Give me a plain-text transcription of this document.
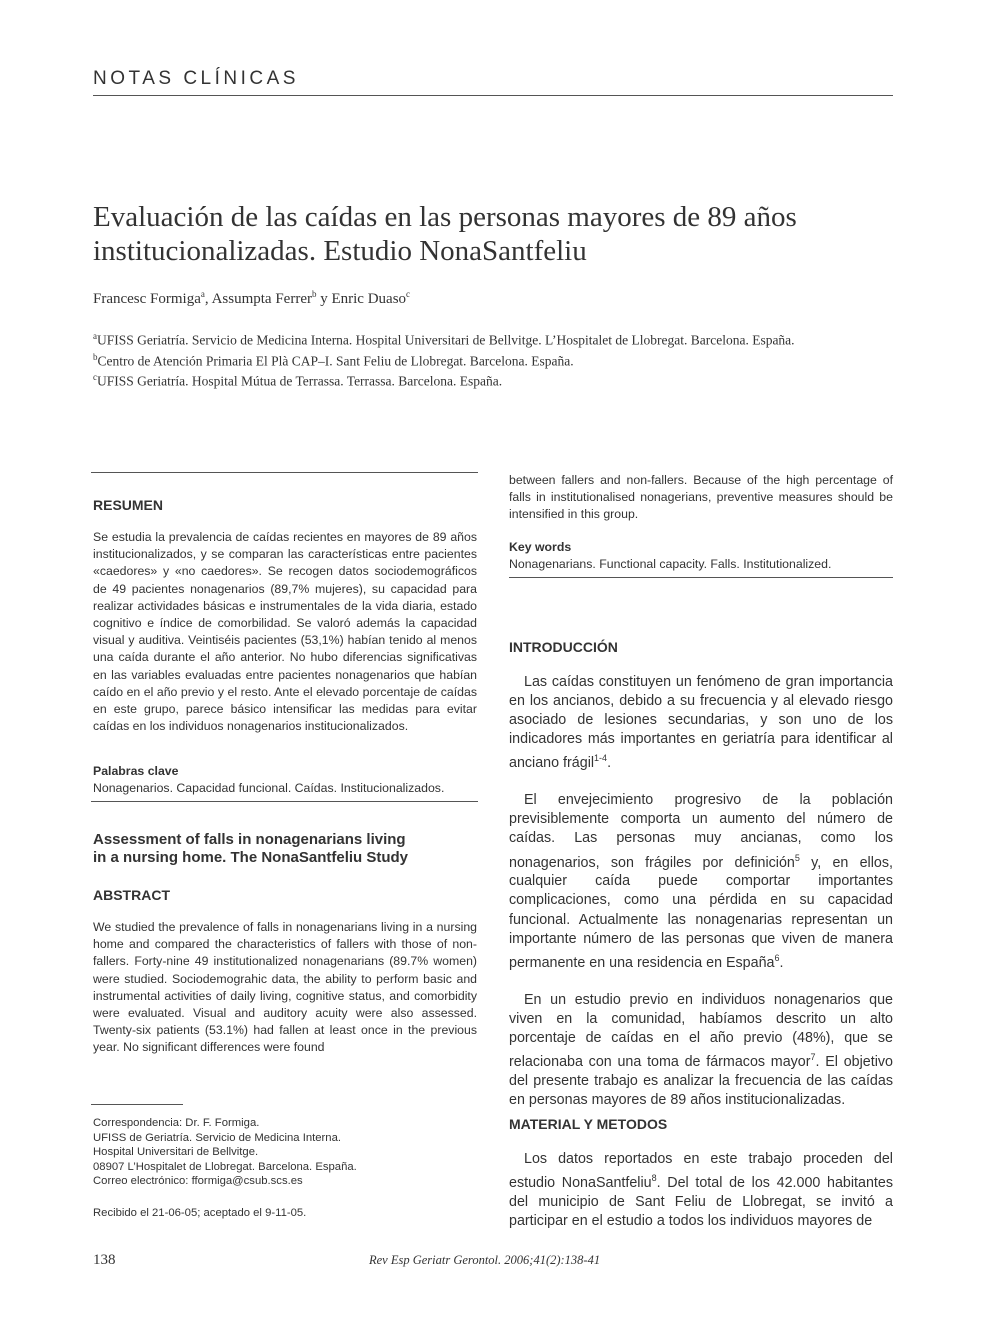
NOTAS CLÍNICAS
Evaluación de las caídas en las personas mayores de 89 años
institucionalizadas. Estudio NonaSantfeliu
Francesc Formiga$^a$, Assumpta Ferrer$^b$ y Enric Duaso$^c$
$^a$UFISS Geriatría. Servicio de Medicina Interna. Hospital Universitari de Bellvitge. L’Hospitalet de Llobregat. Barcelona. España.
$^b$Centro de Atención Primaria El Plà CAP–I. Sant Feliu de Llobregat. Barcelona. España.
$^c$UFISS Geriatría. Hospital Mútua de Terrassa. Terrassa. Barcelona. España.
RESUMEN
Se estudia la prevalencia de caídas recientes en mayores de 89 años institucionalizados, y se comparan las características entre pacientes «caedores» y «no caedores». Se recogen datos sociodemográficos de 49 pacientes nonagenarios (89,7% mujeres), su capacidad para realizar actividades básicas e instrumentales de la vida diaria, estado cognitivo e índice de comorbilidad. Se valoró además la capacidad visual y auditiva. Veintiséis pacientes (53,1%) habían tenido al menos una caída durante el año anterior. No hubo diferencias significativas en las variables evaluadas entre pacientes nonagenarios que habían caído en el año previo y el resto. Ante el elevado porcentaje de caídas en este grupo, parece básico intensificar las medidas para evitar caídas en los individuos nonagenarios institucionalizados.
Palabras clave
Nonagenarios. Capacidad funcional. Caídas. Institucionalizados.
Assessment of falls in nonagenarians living
in a nursing home. The NonaSantfeliu Study
ABSTRACT
We studied the prevalence of falls in nonagenarians living in a nursing home and compared the characteristics of fallers with those of non-fallers. Forty-nine 49 institutionalized nonagenarians (89.7% women) were studied. Sociodemograhic data, the ability to perform basic and instrumental activities of daily living, cognitive status, and comorbidity were evaluated. Visual and auditory acuity were also assessed. Twenty-six patients (53.1%) had fallen at least once in the previous year. No significant differences were found
Correspondencia: Dr. F. Formiga.
UFISS de Geriatría. Servicio de Medicina Interna.
Hospital Universitari de Bellvitge.
08907 L’Hospitalet de Llobregat. Barcelona. España.
Correo electrónico: fformiga@csub.scs.es
Recibido el 21-06-05; aceptado el 9-11-05.
between fallers and non-fallers. Because of the high percentage of falls in institutionalised nonagerians, preventive measures should be intensified in this group.
Key words
Nonagenarians. Functional capacity. Falls. Institutionalized.
INTRODUCCIÓN

Las caídas constituyen un fenómeno de gran importancia en los ancianos, debido a su frecuencia y al elevado riesgo asociado de lesiones secundarias, y son uno de los indicadores más importantes en geriatría para identificar al anciano frágil$^{1-4}$.

El envejecimiento progresivo de la población previsiblemente comporta un aumento del número de caídas. Las personas muy ancianas, como los nonagenarios, son frágiles por definición$^5$ y, en ellos, cualquier caída puede comportar importantes complicaciones, como una pérdida en su capacidad funcional. Actualmente las nonagenarias representan un importante número de las personas que viven de manera permanente en una residencia en España$^6$.

En un estudio previo en individuos nonagenarios que viven en la comunidad, habíamos descrito un alto porcentaje de caídas en el año previo (48%), que se relacionaba con una toma de fármacos mayor$^7$. El objetivo del presente trabajo es analizar la frecuencia de las caídas en personas mayores de 89 años institucionalizadas.

MATERIAL Y METODOS

Los datos reportados en este trabajo proceden del estudio NonaSantfeliu$^8$. Del total de los 42.000 habitantes del municipio de Sant Feliu de Llobregat, se invitó a participar en el estudio a todos los individuos mayores de

138	Rev Esp Geriatr Gerontol. 2006;41(2):138-41
